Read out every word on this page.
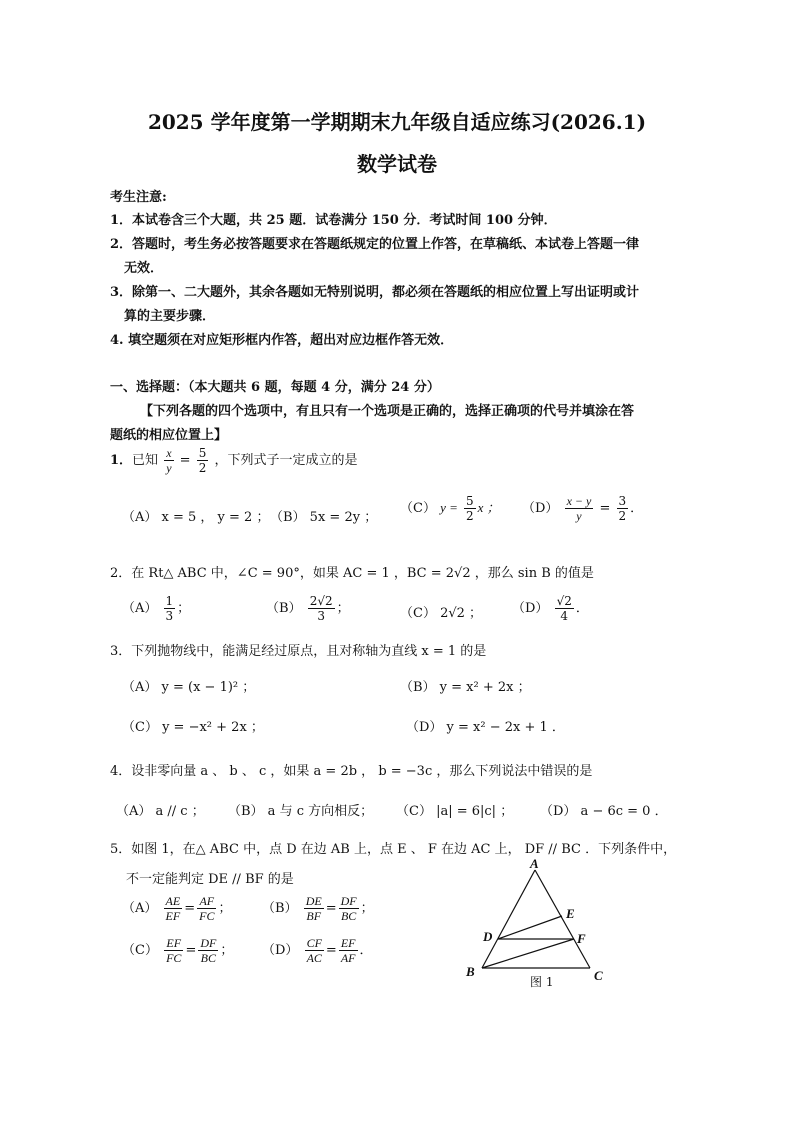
2025 学年度第一学期期末九年级自适应练习(2026.1)
数学试卷
考生注意:
1．本试卷含三个大题，共 25 题．试卷满分 150 分．考试时间 100 分钟．
2．答题时，考生务必按答题要求在答题纸规定的位置上作答，在草稿纸、本试卷上答题一律
无效．
3．除第一、二大题外，其余各题如无特别说明，都必须在答题纸的相应位置上写出证明或计
算的主要步骤．
4. 填空题须在对应矩形框内作答，超出对应边框作答无效．
一、选择题：（本大题共 6 题，每题 4 分，满分 24 分）
【下列各题的四个选项中，有且只有一个选项是正确的，选择正确项的代号并填涂在答
题纸的相应位置上】
1．已知 $\frac{x}{y} = \frac{5}{2}$ ，下列式子一定成立的是
（A） x = 5 ， y = 2 ； （B） 5x = 2y ；
（C） $y = \frac{5}{2}$ x ； $(D) \frac{x - y}{y} = \frac{3}{2}$ ．
2．在 Rt△ ABC 中，∠C = 90°，如果 AC = 1 ，BC = 2√2 ，那么 sin B 的值是
$(A) \frac{1}{3}$ ；	$(B) \frac{2√2}{3}$ ；	（C） 2√2 ； $(D) \frac{√2}{4}$ ．
3．下列抛物线中，能满足经过原点，且对称轴为直线 x = 1 的是
（A） y = (x − 1)² ；	（B） y = x² + 2x ；
（C） y = −x² + 2x ；	（D） y = x² − 2x + 1 ．
4．设非零向量 a 、 b 、 c ，如果 a = 2b ， b = −3c ，那么下列说法中错误的是
（A） a // c ； （B） a 与 c 方向相反； （C） |a| = 6|c| ； （D） a − 6c = 0 ．
5．如图 1，在△ ABC 中，点 D 在边 AB 上，点 E 、 F 在边 AC 上， DF // BC ．下列条件中，
不一定能判定 DE // BF 的是
$(A) \frac{AE}{EF} = \frac{AF}{FC}$ ； $(B) \frac{DE}{BF} = \frac{DF}{BC}$ ；
$(C) \frac{EF}{FC} = \frac{DF}{BC}$ ； $(D) \frac{CF}{AC} = \frac{EF}{AF}$ ．
A
B	C
D
E
F
图 1
